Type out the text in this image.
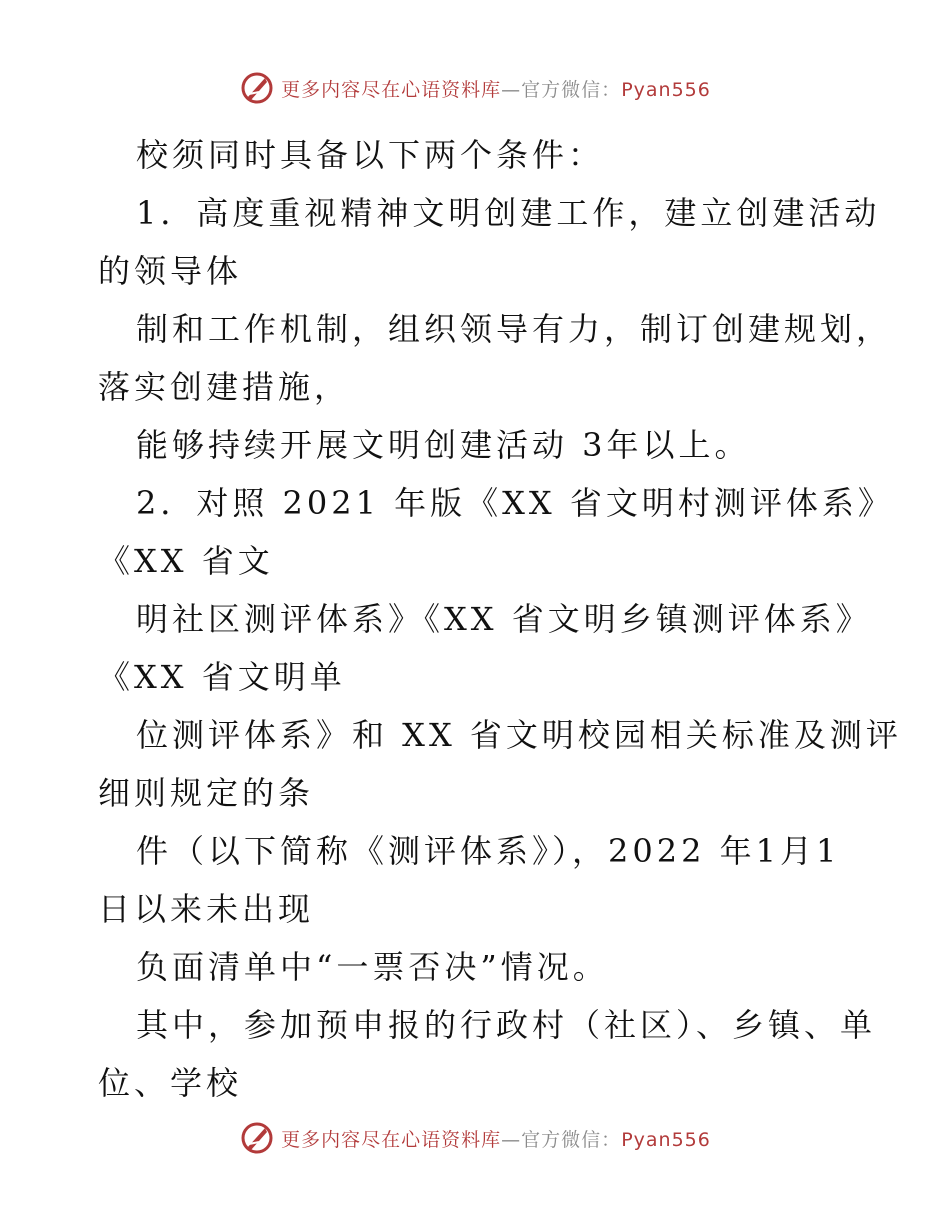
更多内容尽在心语资料库—官方微信：Pyan556
校须同时具备以下两个条件：
1．高度重视精神文明创建工作，建立创建活动
的领导体
制和工作机制，组织领导有力，制订创建规划，
落实创建措施，
能够持续开展文明创建活动 3年以上。
2．对照 2021 年版《XX 省文明村测评体系》
《XX 省文
明社区测评体系》《XX 省文明乡镇测评体系》
《XX 省文明单
位测评体系》和 XX 省文明校园相关标准及测评
细则规定的条
件（以下简称《测评体系》），2022 年1月1
日以来未出现
负面清单中“一票否决”情况。
其中，参加预申报的行政村（社区）、乡镇、单
位、学校
更多内容尽在心语资料库—官方微信：Pyan556
